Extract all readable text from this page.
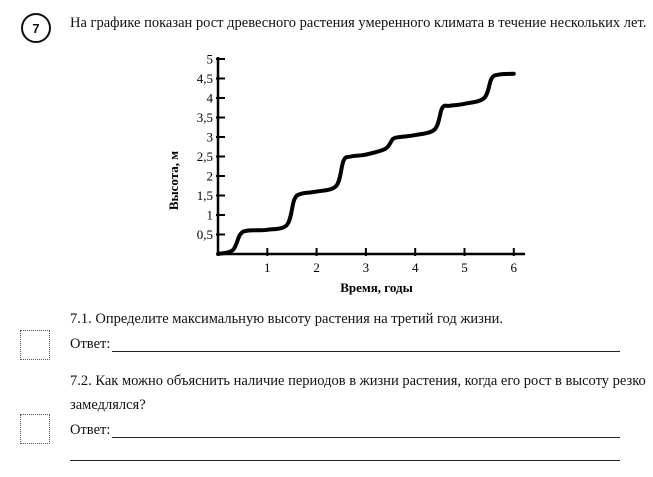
7	На графике показан рост древесного растения умеренного климата в течение нескольких лет.
1	2	3	4	5	6
0,5
1
1,5
2
2,5
3
3,5
4
4,5
5
Время, годы
Высота, м
7.1. Определите максимальную высоту растения на третий год жизни.
Ответ:
7.2. Как можно объяснить наличие периодов в жизни растения, когда его рост в высоту резко
замедлялся?
Ответ:
